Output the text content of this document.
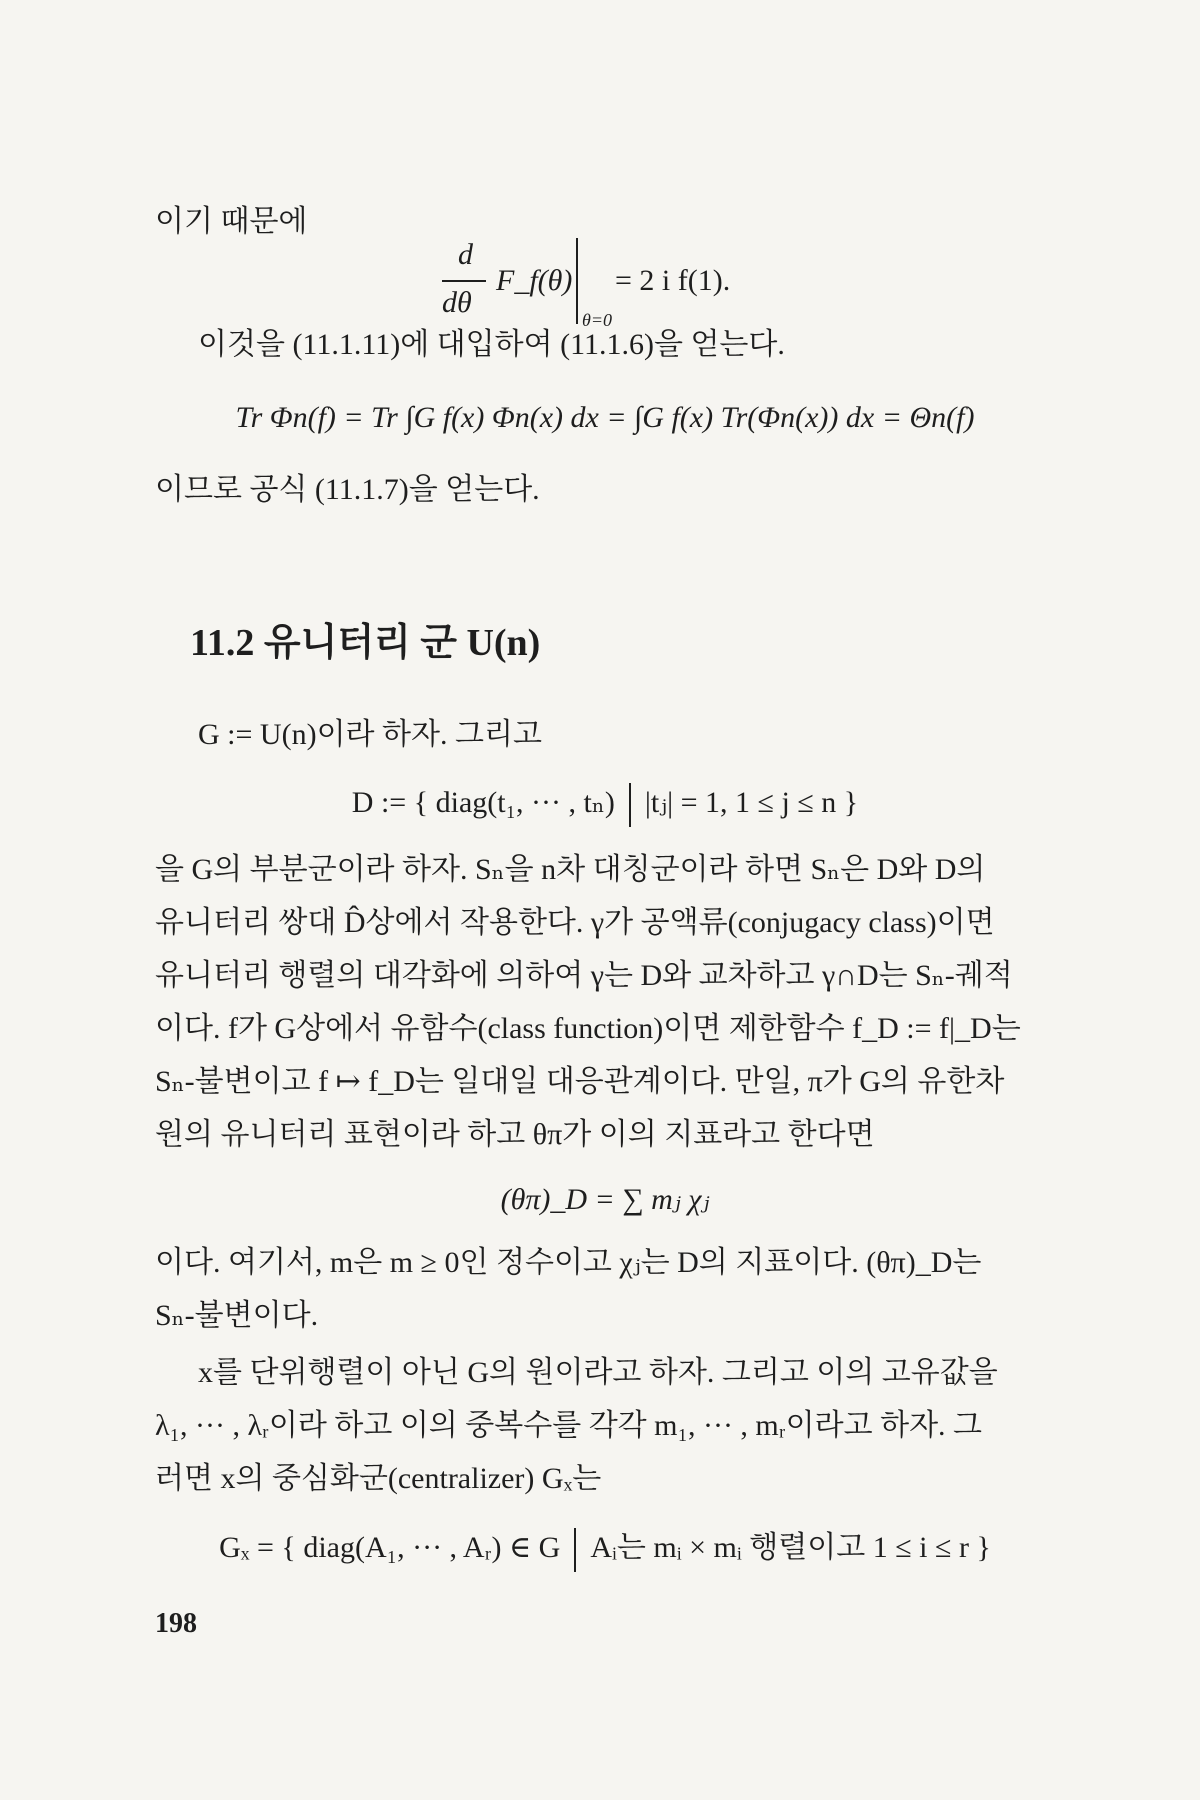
이기 때문에
d
dθ
F_f(θ)
θ=0
= 2 i f(1).
이것을 (11.1.11)에 대입하여 (11.1.6)을 얻는다.
Tr Φn(f) = Tr ∫G f(x) Φn(x) dx = ∫G f(x) Tr(Φn(x)) dx = Θn(f)
이므로 공식 (11.1.7)을 얻는다.
11.2 유니터리 군 U(n)
G := U(n)이라 하자. 그리고
D := { diag(t₁, ··· , tₙ) |tⱼ| = 1, 1 ≤ j ≤ n }
을 G의 부분군이라 하자. Sₙ을 n차 대칭군이라 하면 Sₙ은 D와 D의
유니터리 쌍대 D̂상에서 작용한다. γ가 공액류(conjugacy class)이면
유니터리 행렬의 대각화에 의하여 γ는 D와 교차하고 γ∩D는 Sₙ-궤적
이다. f가 G상에서 유함수(class function)이면 제한함수 f_D := f|_D는
Sₙ-불변이고 f ↦ f_D는 일대일 대응관계이다. 만일, π가 G의 유한차
원의 유니터리 표현이라 하고 θπ가 이의 지표라고 한다면
(θπ)_D = ∑ mⱼ χⱼ
이다. 여기서, m은 m ≥ 0인 정수이고 χⱼ는 D의 지표이다. (θπ)_D는
Sₙ-불변이다.
x를 단위행렬이 아닌 G의 원이라고 하자. 그리고 이의 고유값을
λ₁, ··· , λᵣ이라 하고 이의 중복수를 각각 m₁, ··· , mᵣ이라고 하자. 그
러면 x의 중심화군(centralizer) Gₓ는
Gₓ = { diag(A₁, ··· , Aᵣ) ∈ G Aᵢ는 mᵢ × mᵢ 행렬이고 1 ≤ i ≤ r }
198
